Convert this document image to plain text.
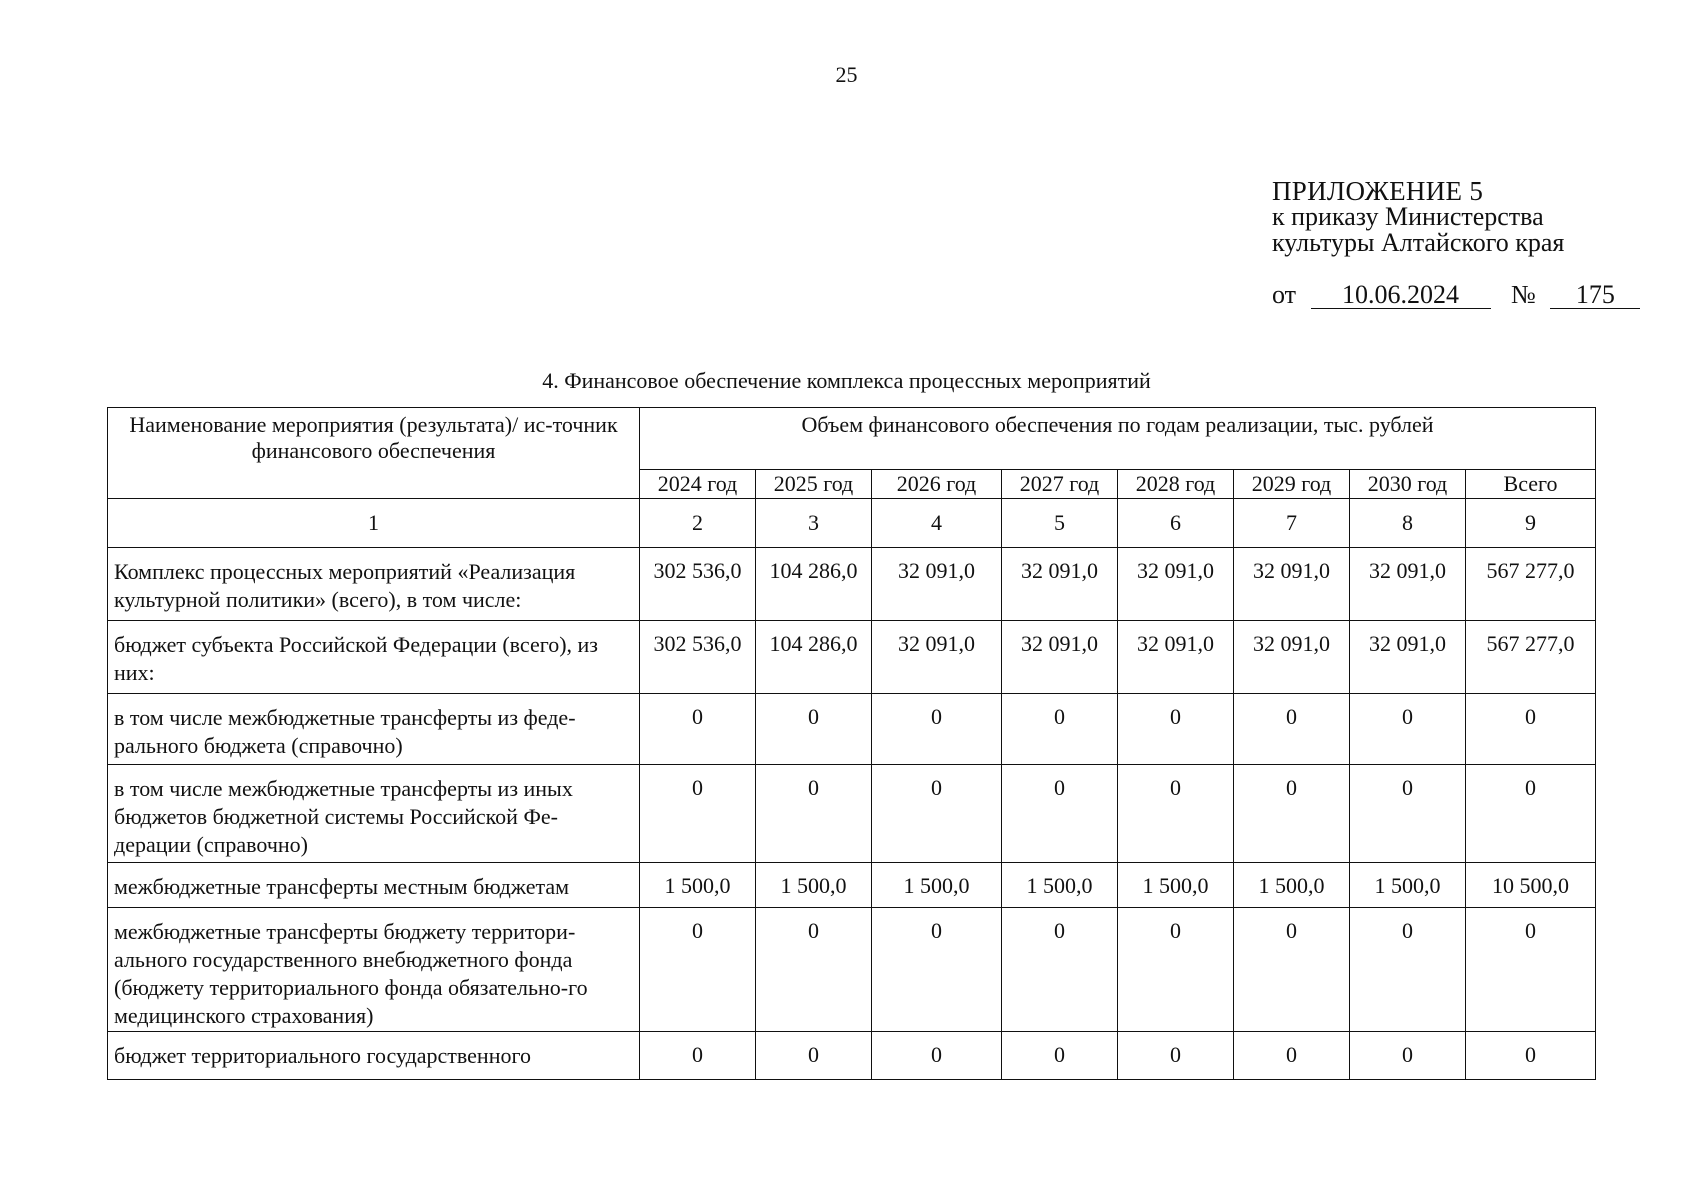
25
ПРИЛОЖЕНИЕ 5
к приказу Министерства
культуры Алтайского края
от 10.06.2024 № 175
4. Финансовое обеспечение комплекса процессных мероприятий
Наименование мероприятия (результата)/ ис-точник финансового обеспечения	Объем финансового обеспечения по годам реализации, тыс. рублей							
	2024 год	2025 год	2026 год	2027 год	2028 год	2029 год	2030 год	Всего
1	2	3	4	5	6	7	8	9
Комплекс процессных мероприятий «Реализация культурной политики» (всего), в том числе:	302 536,0	104 286,0	32 091,0	32 091,0	32 091,0	32 091,0	32 091,0	567 277,0
бюджет субъекта Российской Федерации (всего), из них:	302 536,0	104 286,0	32 091,0	32 091,0	32 091,0	32 091,0	32 091,0	567 277,0
в том числе межбюджетные трансферты из феде-рального бюджета (справочно)	0	0	0	0	0	0	0	0
в том числе межбюджетные трансферты из иных бюджетов бюджетной системы Российской Фе-дерации (справочно)	0	0	0	0	0	0	0	0
межбюджетные трансферты местным бюджетам	1 500,0	1 500,0	1 500,0	1 500,0	1 500,0	1 500,0	1 500,0	10 500,0
межбюджетные трансферты бюджету территори-ального государственного внебюджетного фонда (бюджету территориального фонда обязательно-го медицинского страхования)	0	0	0	0	0	0	0	0
бюджет территориального государственного	0	0	0	0	0	0	0	0
